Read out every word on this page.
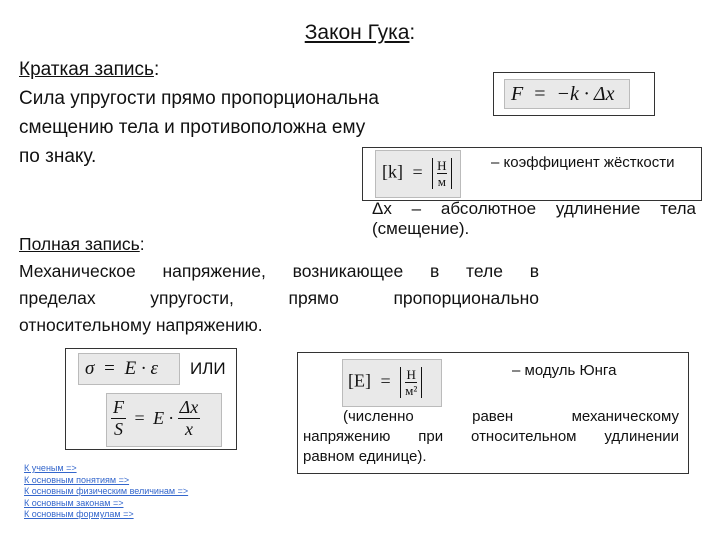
Закон Гука:
Краткая запись:
Сила упругости прямо пропорциональна
смещению тела и противоположна ему
по знаку.
F = −k · Δx
[k] = Н
м
– коэффициент жёсткости
Δx – абсолютное удлинение тела
(смещение).
Полная запись:
Механическое напряжение, возникающее в теле в
пределах упругости, прямо пропорционально
относительному напряжению.
σ = E · ε ИЛИ
$\frac{F}{S} = E \cdot \frac{\Delta x}{x}$
[E] = Н
м²
– модуль Юнга
(численно равен механическому
напряжению при относительном удлинении
равном единице).
К ученым =>
К основным понятиям =>
К основным физическим величинам =>
К основным законам =>
К основным формулам =>
